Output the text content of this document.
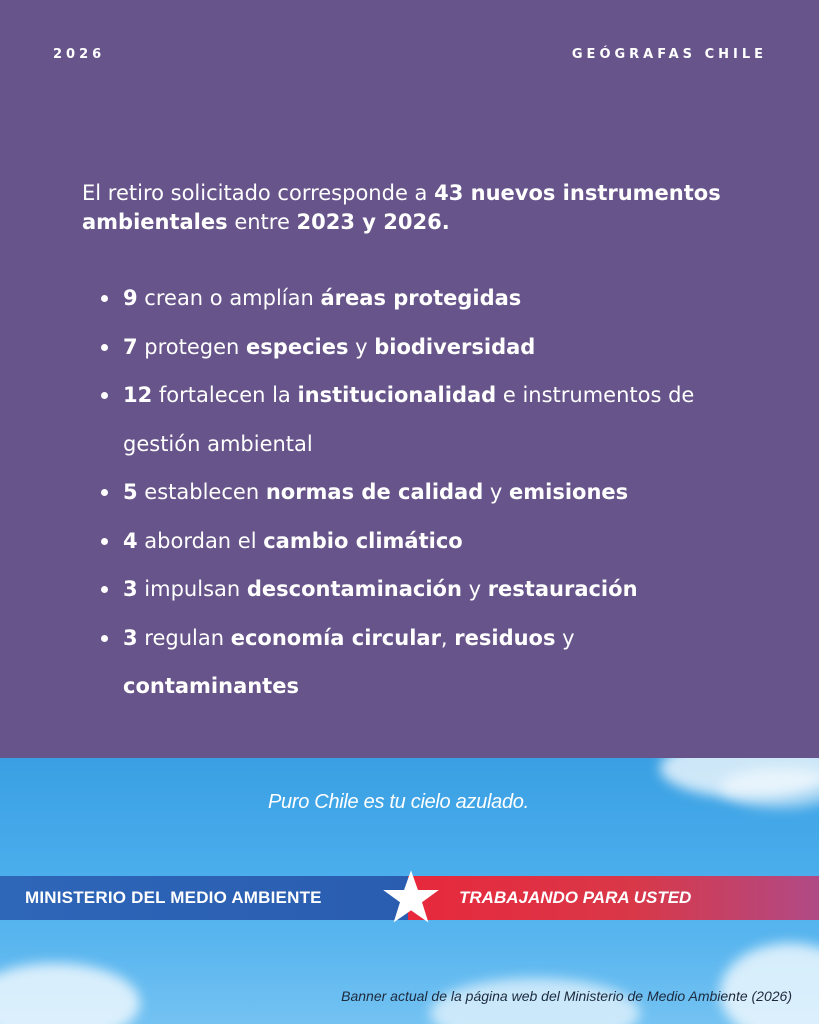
2026	GEÓGRAFAS CHILE

El retiro solicitado corresponde a 43 nuevos instrumentos ambientales entre 2023 y 2026.

9 crean o amplían áreas protegidas
7 protegen especies y biodiversidad
12 fortalecen la institucionalidad e instrumentos de gestión ambiental
5 establecen normas de calidad y emisiones
4 abordan el cambio climático
3 impulsan descontaminación y restauración
3 regulan economía circular, residuos y
contaminantes
Puro Chile es tu cielo azulado.
MINISTERIO DEL MEDIO AMBIENTE	TRABAJANDO PARA USTED
Banner actual de la página web del Ministerio de Medio Ambiente (2026)
